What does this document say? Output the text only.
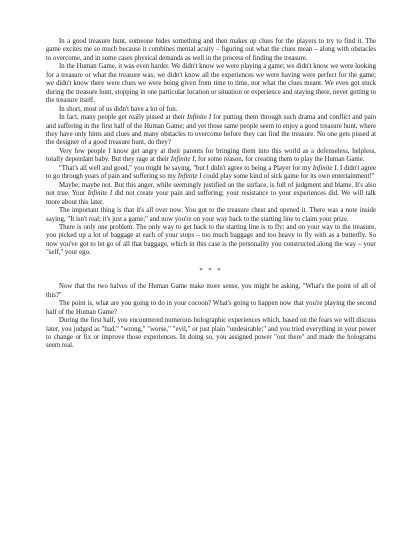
In a good treasure hunt, someone hides something and then makes up clues for the players to try to find it. The game excites me so much because it combines mental acuity – figuring out what the clues mean – along with obstacles to overcome, and in some cases physical demands as well in the process of finding the treasure.

In the Human Game, it was even harder. We didn't know we were playing a game; we didn't know we were looking for a treasure or what the treasure was; we didn't know all the experiences we were having were perfect for the game; we didn't know there were clues we were being given from time to time, nor what the clues meant. We even got stuck during the treasure hunt, stopping in one particular location or situation or experience and staying there, never getting to the treasure itself.

In short, most of us didn't have a lot of fun.

In fact, many people get really pissed at their Infinite I for putting them through such drama and conflict and pain and suffering in the first half of the Human Game; and yet those same people seem to enjoy a good treasure hunt, where they have only hints and clues and many obstacles to overcome before they can find the treasure. No one gets pissed at the designer of a good treasure hunt, do they?

Very few people I know get angry at their parents for bringing them into this world as a defenseless, helpless, totally dependant baby. But they rage at their Infinite I, for some reason, for creating them to play the Human Game.

"That's all well and good," you might be saying, "but I didn't agree to being a Player for my Infinite I. I didn't agree to go through years of pain and suffering so my Infinite I could play some kind of sick game for its own entertainment!"

Maybe; maybe not. But this anger, while seemingly justified on the surface, is full of judgment and blame. It's also not true. Your Infinite I did not create your pain and suffering; your resistance to your experiences did. We will talk more about this later.

The important thing is that it's all over now. You got to the treasure chest and opened it. There was a note inside saying, "It isn't real; it's just a game;" and now you're on your way back to the starting line to claim your prize.

There is only one problem. The only way to get back to the starting line is to fly; and on your way to the treasure, you picked up a lot of baggage at each of your stops – too much baggage and too heavy to fly with as a butterfly. So now you've got to let go of all that baggage, which in this case is the personality you constructed along the way – your "self," your ego.

* * *

Now that the two halves of the Human Game make more sense, you might be asking, "What's the point of all of this?"

The point is, what are you going to do in your cocoon? What's going to happen now that you're playing the second half of the Human Game?

During the first half, you encountered numerous holographic experiences which, based on the fears we will discuss later, you judged as "bad," "wrong," "worse," "evil," or just plain "undesirable;" and you tried everything in your power to change or fix or improve those experiences. In doing so, you assigned power "out there" and made the holograms seem real.
